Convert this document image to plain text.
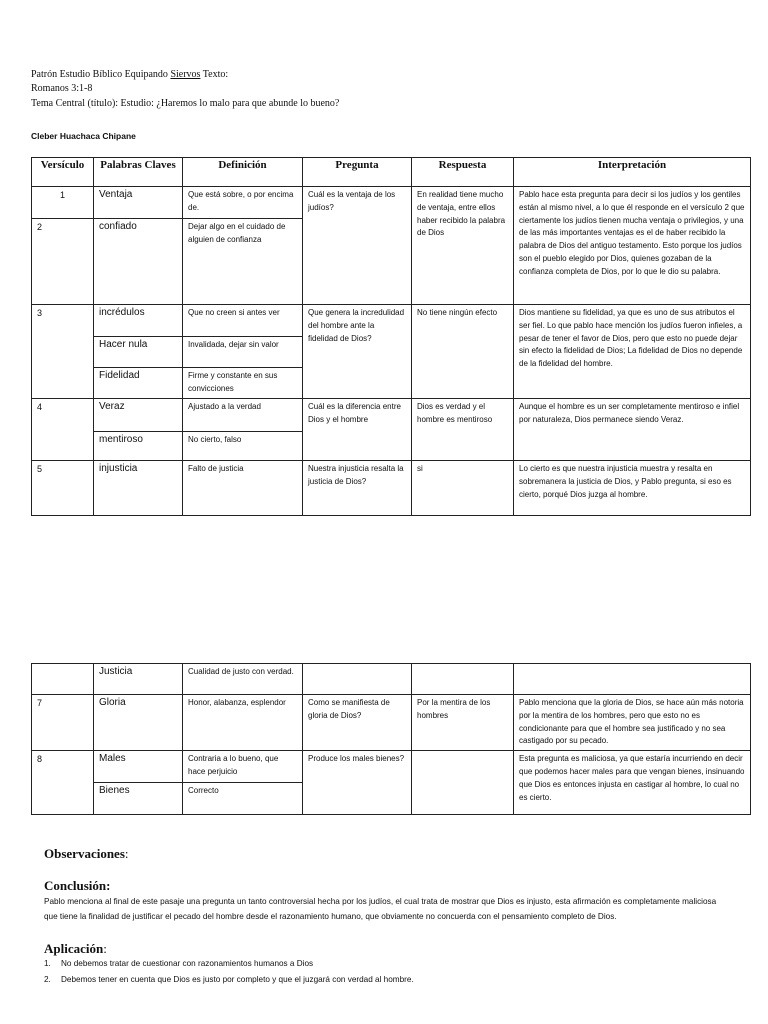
Patrón Estudio Bíblico Equipando Siervos Texto:
Romanos 3:1-8
Tema Central (título): Estudio: ¿Haremos lo malo para que abunde lo bueno?
Cleber Huachaca Chipane
Versículo	Palabras Claves	Definición	Pregunta	Respuesta	Interpretación
1	Ventaja	Que está sobre, o por encima de.	Cuál es la ventaja de los judíos?	En realidad tiene mucho de ventaja, entre ellos haber recibido la palabra de Dios	Pablo hace esta pregunta para decir si los judíos y los gentiles están al mismo nivel, a lo que él responde en el versículo 2 que ciertamente los judíos tienen mucha ventaja o privilegios, y una de las más importantes ventajas es el de haber recibido la palabra de Dios del antiguo testamento. Esto porque los judíos son el pueblo elegido por Dios, quienes gozaban de la confianza completa de Dios, por lo que le dio su palabra.
2	confiado	Dejar algo en el cuidado de alguien de confianza			
3	incrédulos	Que no creen si antes ver	Que genera la incredulidad del hombre ante la fidelidad de Dios?	No tiene ningún efecto	Dios mantiene su fidelidad, ya que es uno de sus atributos el ser fiel. Lo que pablo hace mención los judíos fueron infieles, a pesar de tener el favor de Dios, pero que esto no puede dejar sin efecto la fidelidad de Dios; La fidelidad de Dios no depende de la fidelidad del hombre.
	Hacer nula	Invalidada, dejar sin valor			
	Fidelidad	Firme y constante en sus convicciones			
4	Veraz	Ajustado a la verdad	Cuál es la diferencia entre Dios y el hombre	Dios es verdad y el hombre es mentiroso	Aunque el hombre es un ser completamente mentiroso e infiel por naturaleza, Dios permanece siendo Veraz.
	mentiroso	No cierto, falso			
5	injusticia	Falto de justicia	Nuestra injusticia resalta la justicia de Dios?	si	Lo cierto es que nuestra injusticia muestra y resalta en sobremanera la justicia de Dios, y Pablo pregunta, si eso es cierto, porqué Dios juzga al hombre.
	Justicia	Cualidad de justo con verdad.			
7	Gloria	Honor, alabanza, esplendor	Como se manifiesta de gloria de Dios?	Por la mentira de los hombres	Pablo menciona que la gloria de Dios, se hace aún más notoria por la mentira de los hombres, pero que esto no es condicionante para que el hombre sea justificado y no sea castigado por su pecado.
8	Males	Contraria a lo bueno, que hace perjuicio	Produce los males bienes?		Esta pregunta es maliciosa, ya que estaría incurriendo en decir que podemos hacer males para que vengan bienes, insinuando que Dios es entonces injusta en castigar al hombre, lo cual no es cierto.
	Bienes	Correcto			
Observaciones:
Conclusión:
Pablo menciona al final de este pasaje una pregunta un tanto controversial hecha por los judíos, el cual trata de mostrar que Dios es injusto, esta afirmación es completamente maliciosa que tiene la finalidad de justificar el pecado del hombre desde el razonamiento humano, que obviamente no concuerda con el pensamiento completo de Dios.
Aplicación:
1. No debemos tratar de cuestionar con razonamientos humanos a Dios
2. Debemos tener en cuenta que Dios es justo por completo y que el juzgará con verdad al hombre.
